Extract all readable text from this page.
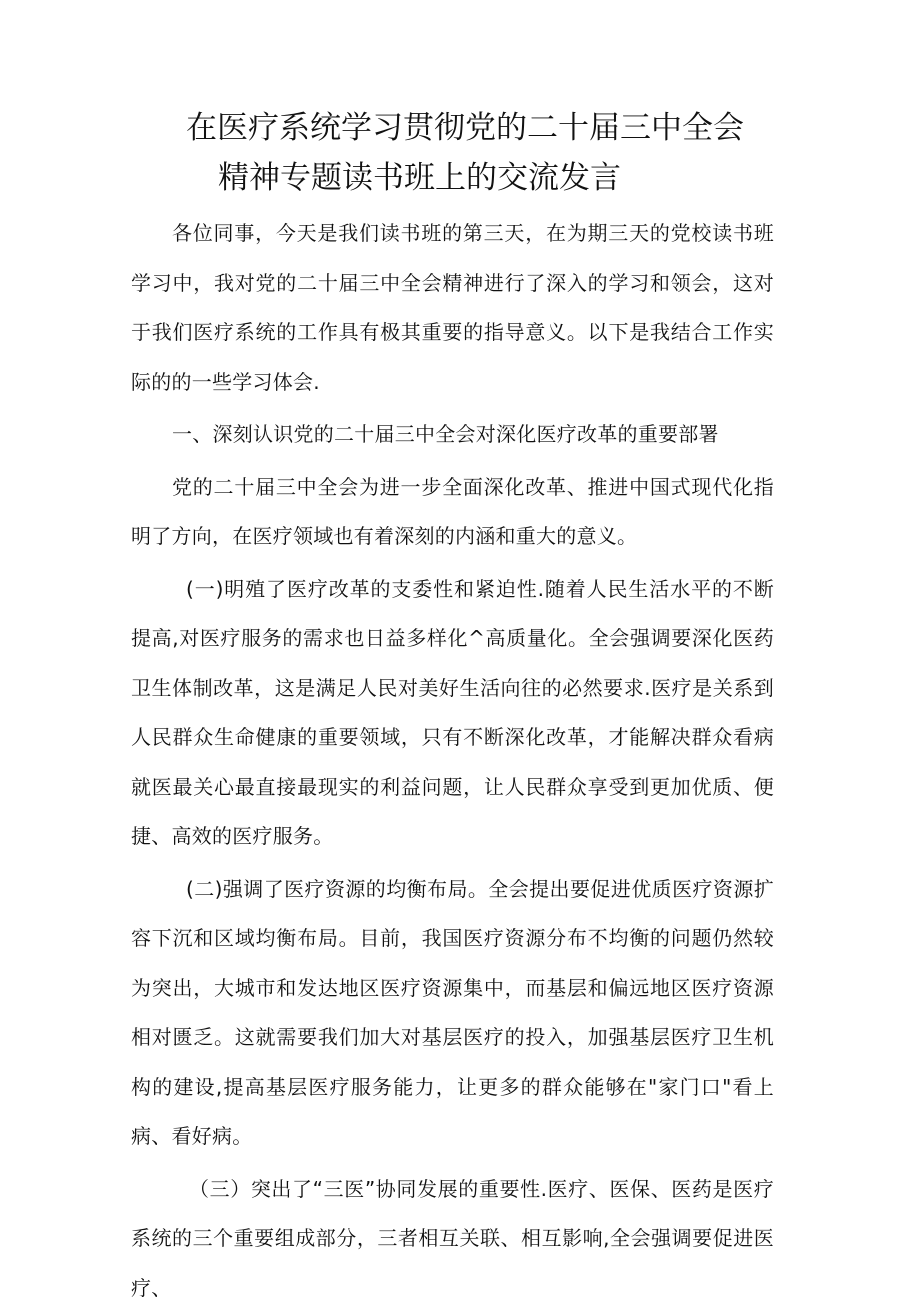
在医疗系统学习贯彻党的二十届三中全会
精神专题读书班上的交流发言

各位同事，今天是我们读书班的第三天，在为期三天的党校读书班学习中，我对党的二十届三中全会精神进行了深入的学习和领会，这对于我们医疗系统的工作具有极其重要的指导意义。以下是我结合工作实际的的一些学习体会.

一、深刻认识党的二十届三中全会对深化医疗改革的重要部署

党的二十届三中全会为进一步全面深化改革、推进中国式现代化指明了方向，在医疗领域也有着深刻的内涵和重大的意义。

(一)明殖了医疗改革的支委性和紧迫性.随着人民生活水平的不断提高,对医疗服务的需求也日益多样化^高质量化。全会强调要深化医药卫生体制改革，这是满足人民对美好生活向往的必然要求.医疗是关系到人民群众生命健康的重要领域，只有不断深化改革，才能解决群众看病就医最关心最直接最现实的利益问题，让人民群众享受到更加优质、便捷、高效的医疗服务。

(二)强调了医疗资源的均衡布局。全会提出要促进优质医疗资源扩容下沉和区域均衡布局。目前，我国医疗资源分布不均衡的问题仍然较为突出，大城市和发达地区医疗资源集中，而基层和偏远地区医疗资源相对匮乏。这就需要我们加大对基层医疗的投入，加强基层医疗卫生机构的建设,提高基层医疗服务能力，让更多的群众能够在"家门口"看上病、看好病。

（三）突出了“三医”协同发展的重要性.医疗、医保、医药是医疗系统的三个重要组成部分，三者相互关联、相互影响,全会强调要促进医疗、
